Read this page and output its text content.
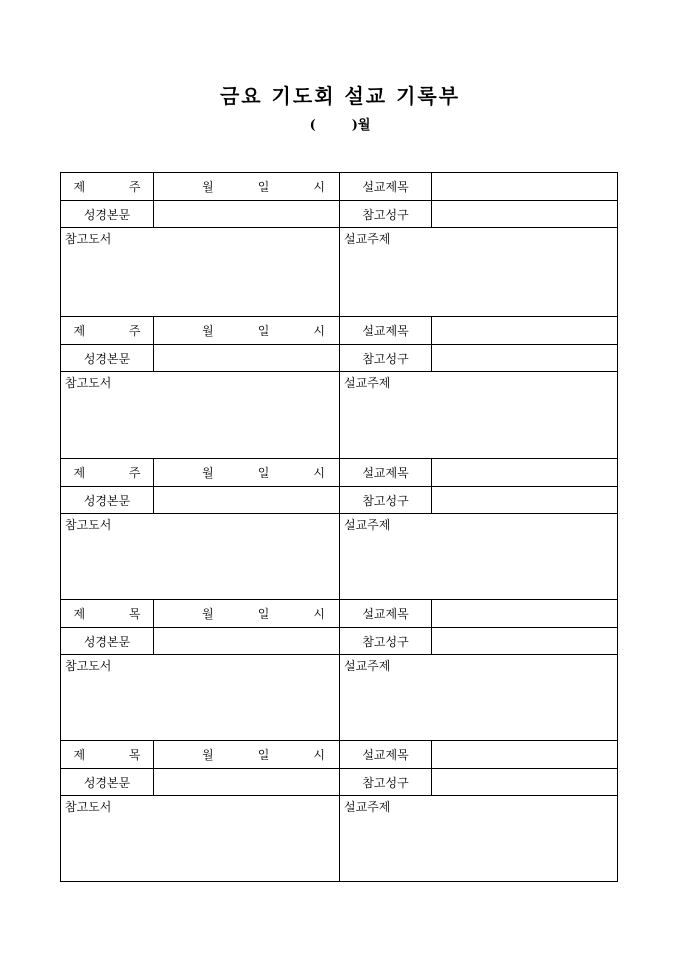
금요 기도회 설교 기록부
(	)월
제 주	월	일	시	설교제목
성경본문	참고성구
참고도서	설교주제
제 주	월	일	시	설교제목
성경본문	참고성구
참고도서	설교주제
제 주	월	일	시	설교제목
성경본문	참고성구
참고도서	설교주제
제 목	월	일	시	설교제목
성경본문	참고성구
참고도서	설교주제
제 목	월	일	시	설교제목
성경본문	참고성구
참고도서	설교주제
